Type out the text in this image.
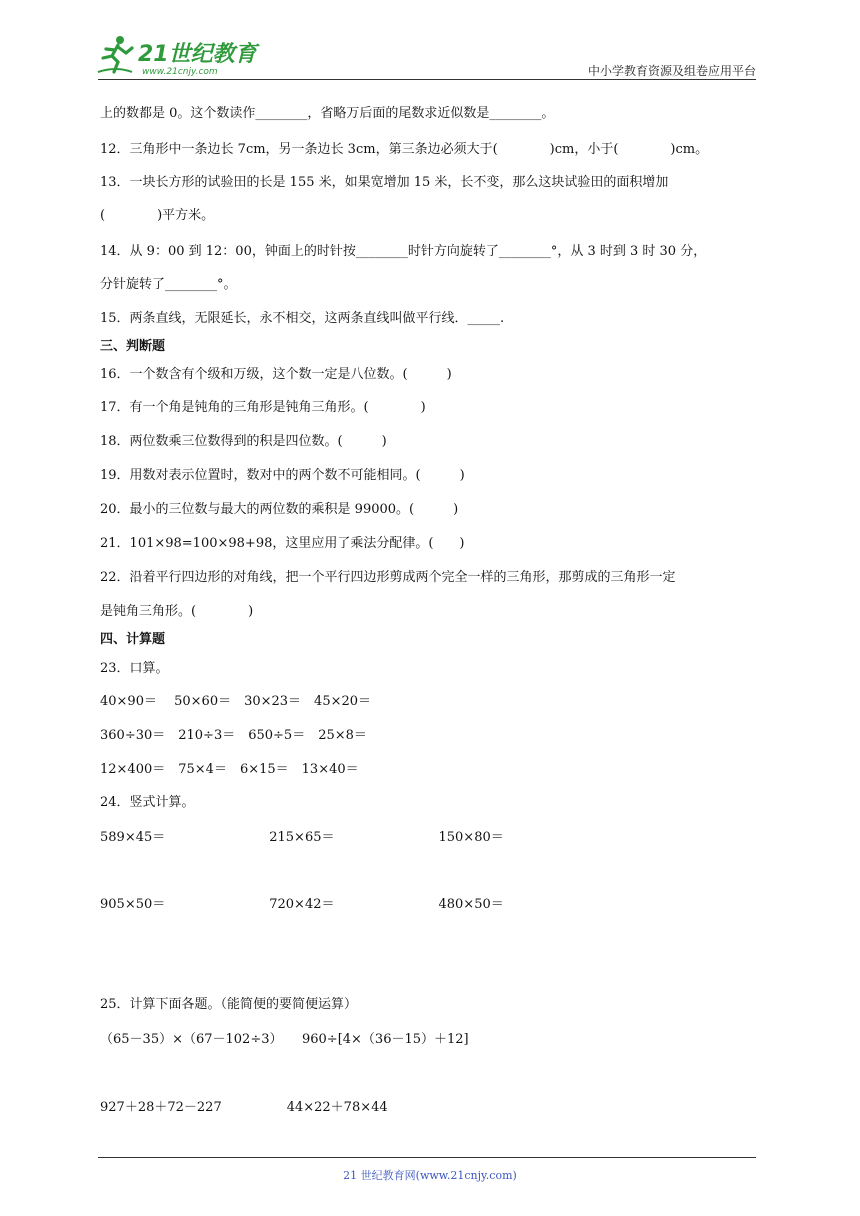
21世纪教育
www.21cnjy.com	中小学教育资源及组卷应用平台
上的数都是 0。这个数读作________，省略万后面的尾数求近似数是________。
12．三角形中一条边长 7cm，另一条边长 3cm，第三条边必须大于(　　　　)cm，小于(　　　　)cm。
13．一块长方形的试验田的长是 155 米，如果宽增加 15 米，长不变，那么这块试验田的面积增加
(　　　　)平方米。
14．从 9：00 到 12：00，钟面上的时针按________时针方向旋转了________°，从 3 时到 3 时 30 分，
分针旋转了________°。
15．两条直线，无限延长，永不相交，这两条直线叫做平行线．_____.
三、判断题
16．一个数含有个级和万级，这个数一定是八位数。(　　　)
17．有一个角是钝角的三角形是钝角三角形。(　　　　)
18．两位数乘三位数得到的积是四位数。(　　　)
19．用数对表示位置时，数对中的两个数不可能相同。(　　　)
20．最小的三位数与最大的两位数的乘积是 99000。(　　　)
21．101×98=100×98+98，这里应用了乘法分配律。(　　)
22．沿着平行四边形的对角线，把一个平行四边形剪成两个完全一样的三角形，那剪成的三角形一定
是钝角三角形。(　　　　)
四、计算题
23．口算。
40×90＝　 50×60＝　30×23＝　45×20＝
360÷30＝　210÷3＝　650÷5＝　25×8＝
12×400＝　75×4＝　6×15＝　13×40＝
24．竖式计算。
589×45＝　　　　　　　　215×65＝　　　　　　　　150×80＝
905×50＝　　　　　　　　720×42＝　　　　　　　　480×50＝
25．计算下面各题。（能简便的要简便运算）
（65－35）×（67－102÷3）　　960÷[4×（36－15）＋12]
927＋28＋72－227　　　　　44×22＋78×44
21 世纪教育网(www.21cnjy.com)
